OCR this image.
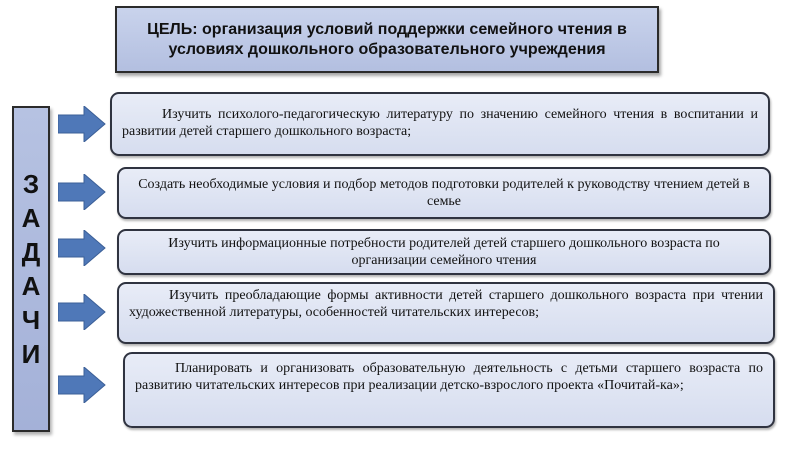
ЦЕЛЬ: организация условий поддержки семейного чтения в условиях дошкольного образовательного учреждения
З
А
Д
А
Ч
И
Изучить психолого-педагогическую литературу по значению семейного чтения в воспитании и развитии детей старшего дошкольного возраста;
Создать необходимые условия и подбор методов подготовки родителей к руководству чтением детей в семье
Изучить информационные потребности родителей детей старшего дошкольного возраста по организации семейного чтения
Изучить преобладающие формы активности детей старшего дошкольного возраста при чтении художественной литературы, особенностей читательских интересов;
Планировать и организовать образовательную деятельность с детьми старшего возраста по развитию читательских интересов при реализации детско-взрослого проекта «Почитай-ка»;
